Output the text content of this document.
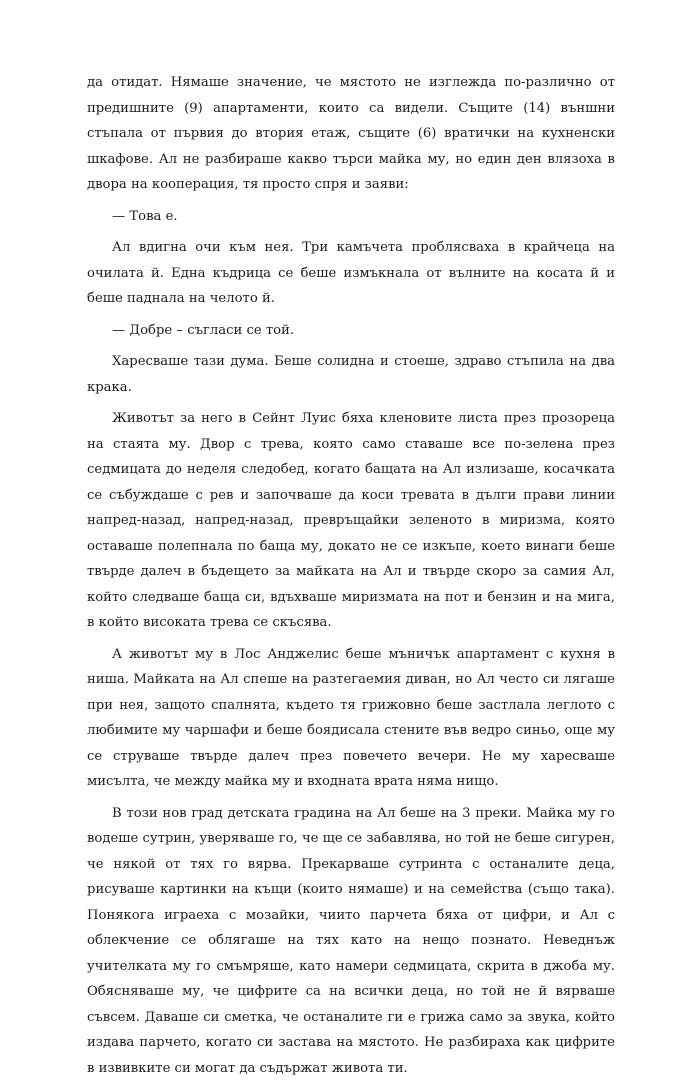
да отидат. Нямаше значение, че мястото не изглежда по-различно от предишните (9) апартаменти, които са видели. Същите (14) външни стъпала от първия до втория етаж, същите (6) вратички на кухненски шкафове. Ал не разбираше какво търси майка му, но един ден влязоха в двора на кооперация, тя просто спря и заяви:

— Това е.

Ал вдигна очи към нея. Три камъчета проблясваха в крайчеца на очилата й. Една къдрица се беше измъкнала от вълните на косата й и беше паднала на челото й.

— Добре – съгласи се той.

Харесваше тази дума. Беше солидна и стоеше, здраво стъпила на два крака.

Животът за него в Сейнт Луис бяха кленовите листа през прозореца на стаята му. Двор с трева, която само ставаше все по-зелена през седмицата до неделя следобед, когато бащата на Ал излизаше, косачката се събуждаше с рев и започваше да коси тревата в дълги прави линии напред-назад, напред-назад, превръщайки зеленото в миризма, която оставаше полепнала по баща му, докато не се изкъпе, което винаги беше твърде далеч в бъдещето за майката на Ал и твърде скоро за самия Ал, който следваше баща си, вдъхваше миризмата на пот и бензин и на мига, в който високата трева се скъсява.

А животът му в Лос Анджелис беше мъничък апартамент с кухня в ниша. Майката на Ал спеше на разтегаемия диван, но Ал често си лягаше при нея, защото спалнята, където тя грижовно беше застлала леглото с любимите му чаршафи и беше боядисала стените във ведро синьо, още му се струваше твърде далеч през повечето вечери. Не му харесваше мисълта, че между майка му и входната врата няма нищо.

В този нов град детската градина на Ал беше на 3 преки. Майка му го водеше сутрин, уверяваше го, че ще се забавлява, но той не беше сигурен, че някой от тях го вярва. Прекарваше сутринта с останалите деца, рисуваше картинки на къщи (които нямаше) и на семейства (също така). Понякога играеха с мозайки, чиито парчета бяха от цифри, и Ал с облекчение се облягаше на тях като на нещо познато. Неведнъж учителката му го смъмряше, като намери седмицата, скрита в джоба му. Обясняваше му, че цифрите са на всички деца, но той не й вярваше съвсем. Даваше си сметка, че останалите ги е грижа само за звука, който издава парчето, когато си застава на мястото. Не разбираха как цифрите в извивките си могат да съдържат живота ти.
